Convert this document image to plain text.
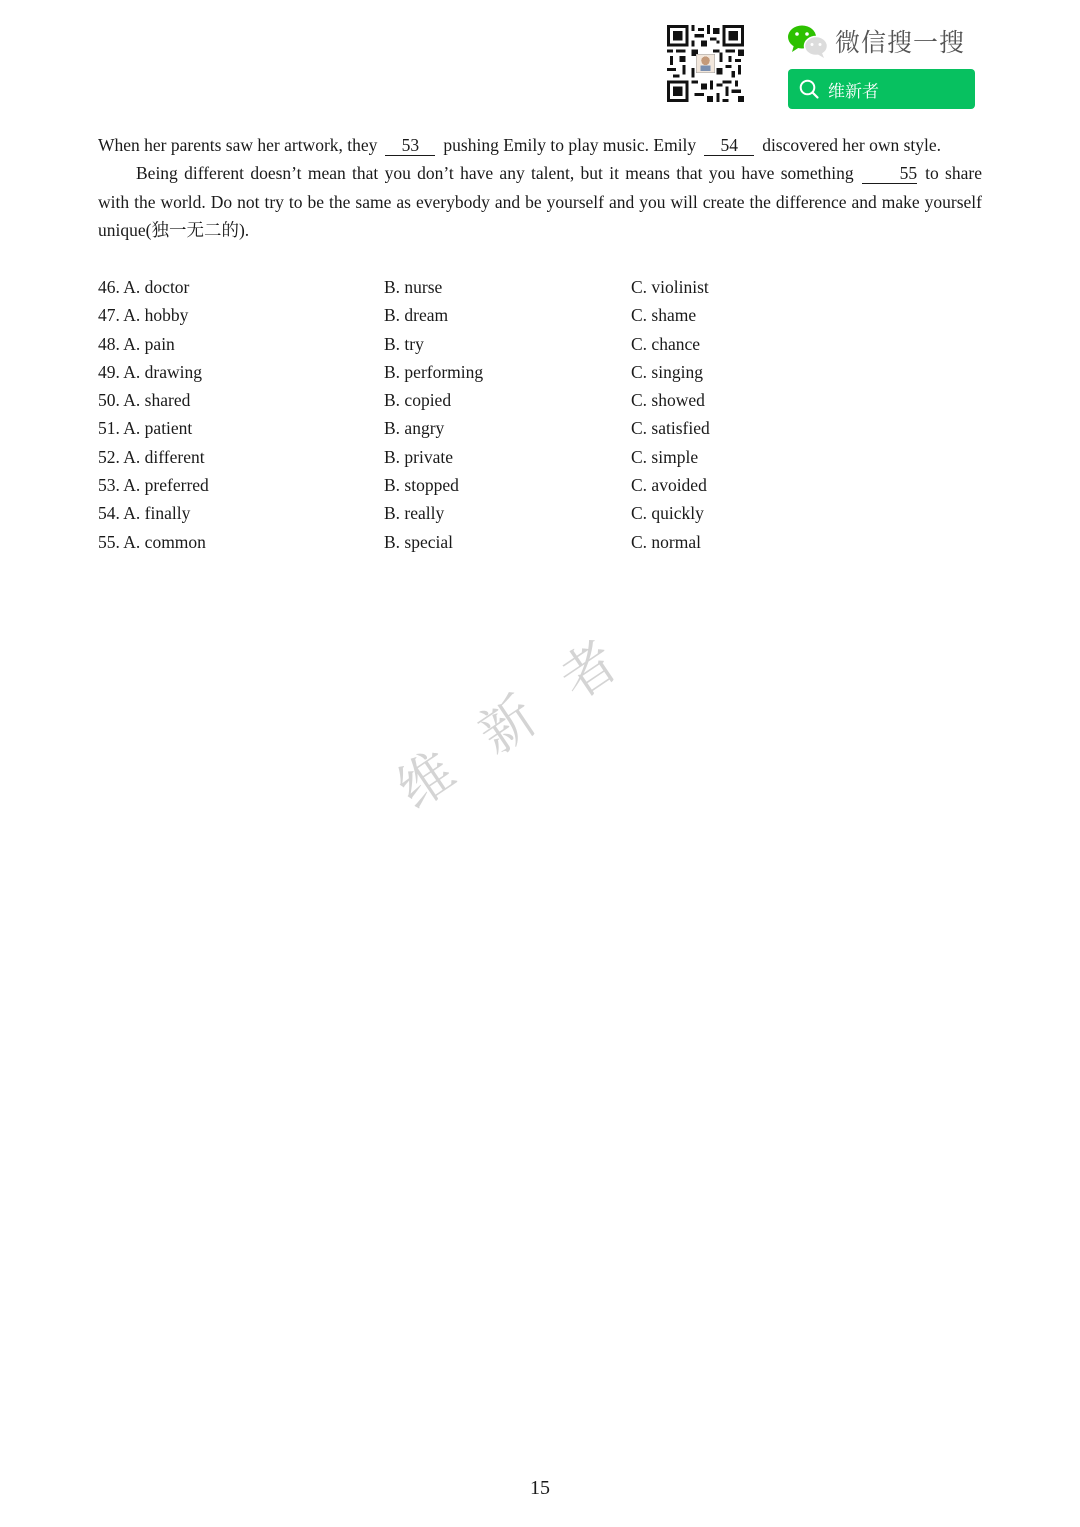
微信搜一搜
维新者

When her parents saw her artwork, they 53 pushing Emily to play music. Emily 54 discovered her own style.

Being different doesn’t mean that you don’t have any talent, but it means that you have something	55 to share with the world. Do not try to be the same as everybody and be yourself and you will create the difference and make yourself unique(独一无二的).

46. A. doctor	B. nurse	C. violinist
47. A. hobby	B. dream	C. shame
48. A. pain	B. try	C. chance
49. A. drawing	B. performing	C. singing
50. A. shared	B. copied	C. showed
51. A. patient	B. angry	C. satisfied
52. A. different	B. private	C. simple
53. A. preferred	B. stopped	C. avoided
54. A. finally	B. really	C. quickly
55. A. common	B. special	C. normal
维新者
15
